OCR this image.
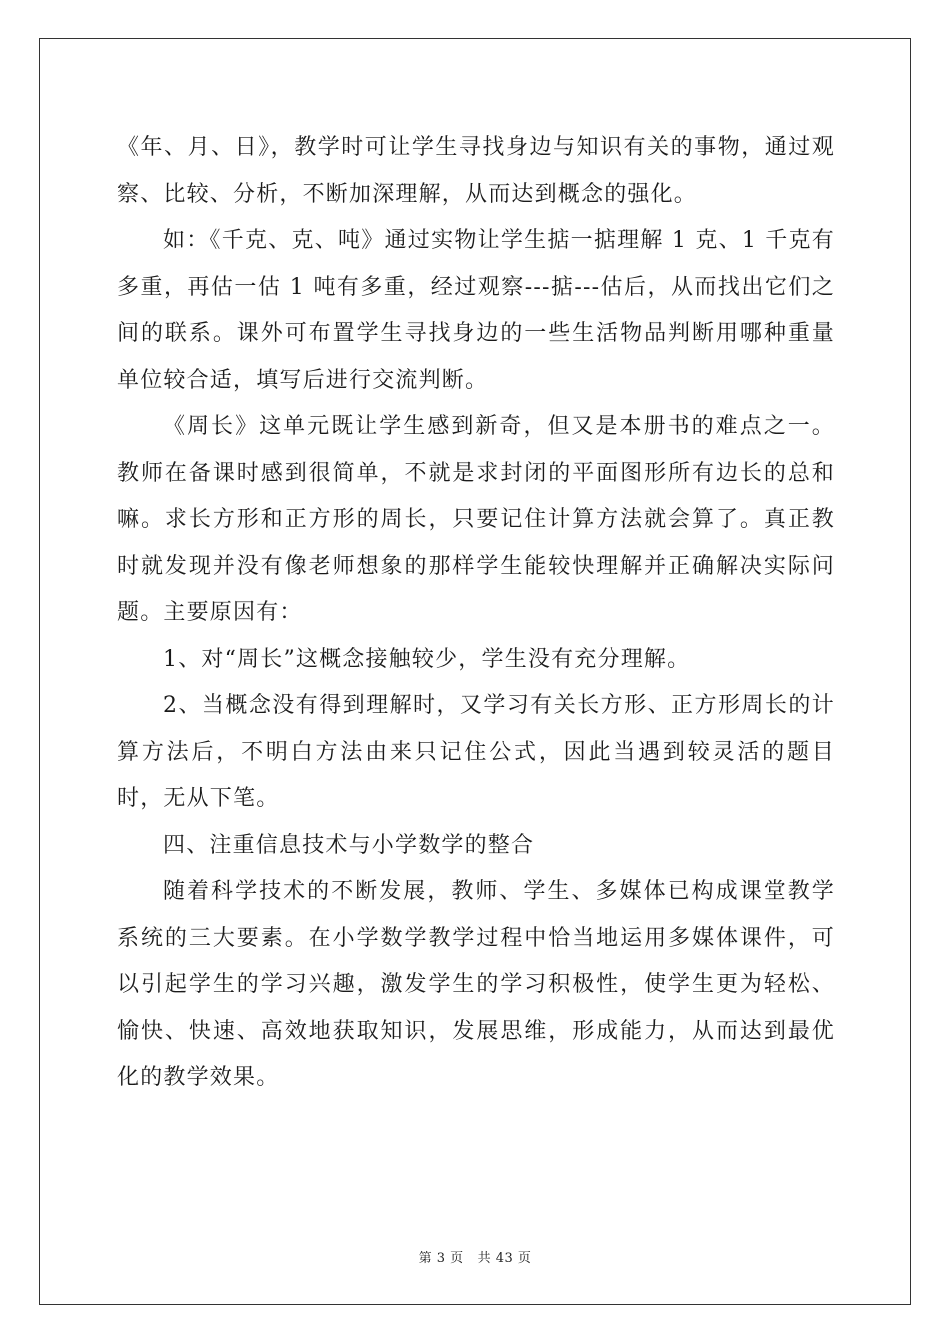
《年、月、日》，教学时可让学生寻找身边与知识有关的事物，通过观察、比较、分析，不断加深理解，从而达到概念的强化。

如：《千克、克、吨》通过实物让学生掂一掂理解 1 克、1 千克有多重，再估一估 1 吨有多重，经过观察---掂---估后，从而找出它们之间的联系。课外可布置学生寻找身边的一些生活物品判断用哪种重量单位较合适，填写后进行交流判断。

《周长》这单元既让学生感到新奇，但又是本册书的难点之一。教师在备课时感到很简单，不就是求封闭的平面图形所有边长的总和嘛。求长方形和正方形的周长，只要记住计算方法就会算了。真正教时就发现并没有像老师想象的那样学生能较快理解并正确解决实际问题。主要原因有：

1、对“周长”这概念接触较少，学生没有充分理解。

2、当概念没有得到理解时，又学习有关长方形、正方形周长的计算方法后，不明白方法由来只记住公式，因此当遇到较灵活的题目时，无从下笔。

四、注重信息技术与小学数学的整合

随着科学技术的不断发展，教师、学生、多媒体已构成课堂教学系统的三大要素。在小学数学教学过程中恰当地运用多媒体课件，可以引起学生的学习兴趣，激发学生的学习积极性，使学生更为轻松、愉快、快速、高效地获取知识，发展思维，形成能力，从而达到最优化的教学效果。

第 3 页 共 43 页
